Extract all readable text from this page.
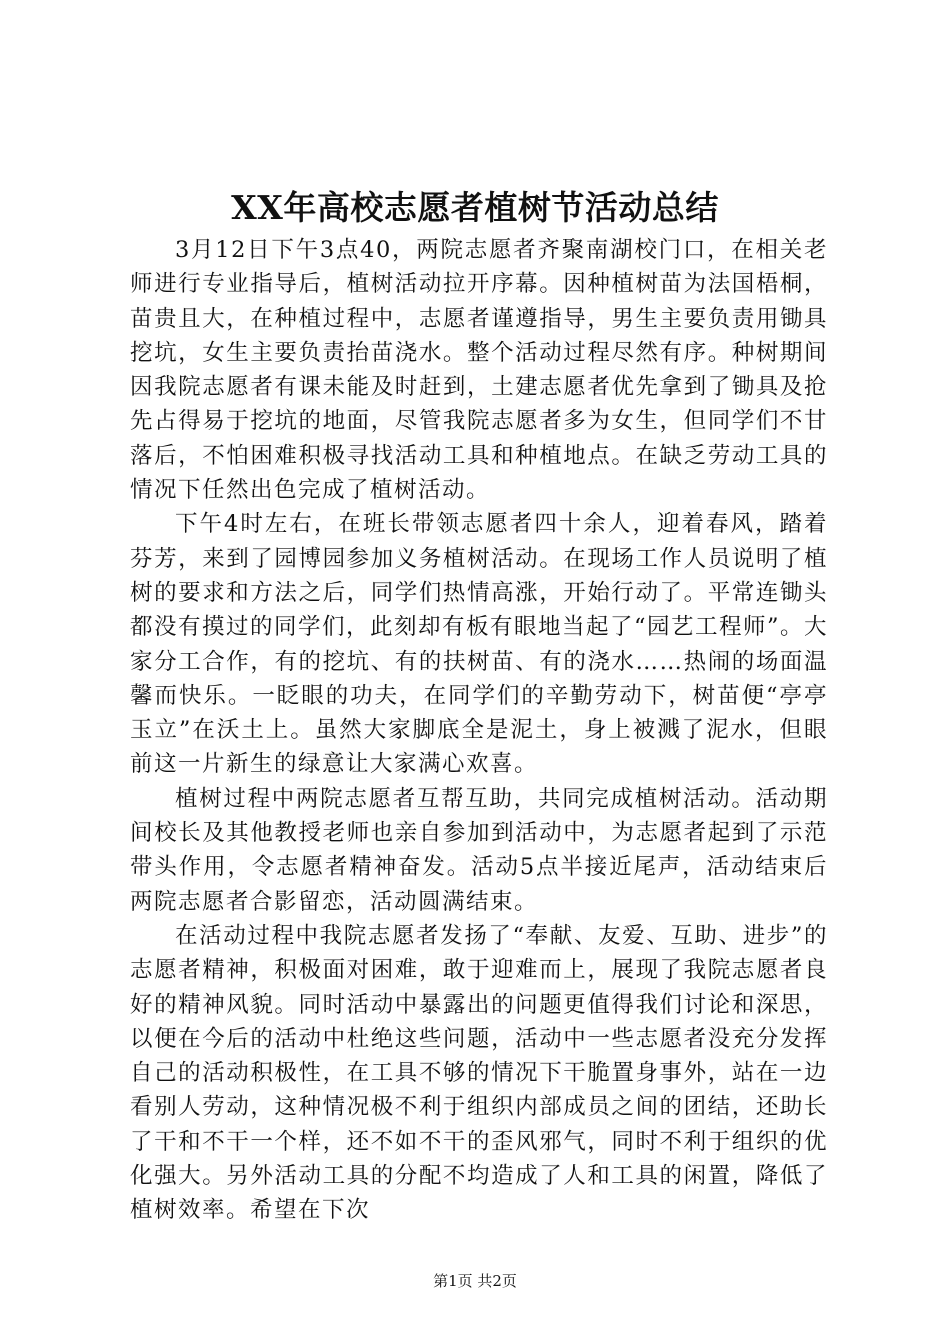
XX年高校志愿者植树节活动总结

3月12日下午3点40，两院志愿者齐聚南湖校门口，在相关老师进行专业指导后，植树活动拉开序幕。因种植树苗为法国梧桐，苗贵且大，在种植过程中，志愿者谨遵指导，男生主要负责用锄具挖坑，女生主要负责抬苗浇水。整个活动过程尽然有序。种树期间因我院志愿者有课未能及时赶到，土建志愿者优先拿到了锄具及抢先占得易于挖坑的地面，尽管我院志愿者多为女生，但同学们不甘落后，不怕困难积极寻找活动工具和种植地点。在缺乏劳动工具的情况下任然出色完成了植树活动。

下午4时左右，在班长带领志愿者四十余人，迎着春风，踏着芬芳，来到了园博园参加义务植树活动。在现场工作人员说明了植树的要求和方法之后，同学们热情高涨，开始行动了。平常连锄头都没有摸过的同学们，此刻却有板有眼地当起了“园艺工程师”。大家分工合作，有的挖坑、有的扶树苗、有的浇水……热闹的场面温馨而快乐。一眨眼的功夫，在同学们的辛勤劳动下，树苗便“亭亭玉立”在沃土上。虽然大家脚底全是泥土，身上被溅了泥水，但眼前这一片新生的绿意让大家满心欢喜。

植树过程中两院志愿者互帮互助，共同完成植树活动。活动期间校长及其他教授老师也亲自参加到活动中，为志愿者起到了示范带头作用，令志愿者精神奋发。活动5点半接近尾声，活动结束后两院志愿者合影留恋，活动圆满结束。

在活动过程中我院志愿者发扬了“奉献、友爱、互助、进步”的志愿者精神，积极面对困难，敢于迎难而上，展现了我院志愿者良好的精神风貌。同时活动中暴露出的问题更值得我们讨论和深思，以便在今后的活动中杜绝这些问题，活动中一些志愿者没充分发挥自己的活动积极性，在工具不够的情况下干脆置身事外，站在一边看别人劳动，这种情况极不利于组织内部成员之间的团结，还助长了干和不干一个样，还不如不干的歪风邪气，同时不利于组织的优化强大。另外活动工具的分配不均造成了人和工具的闲置，降低了植树效率。希望在下次

第1页 共2页
